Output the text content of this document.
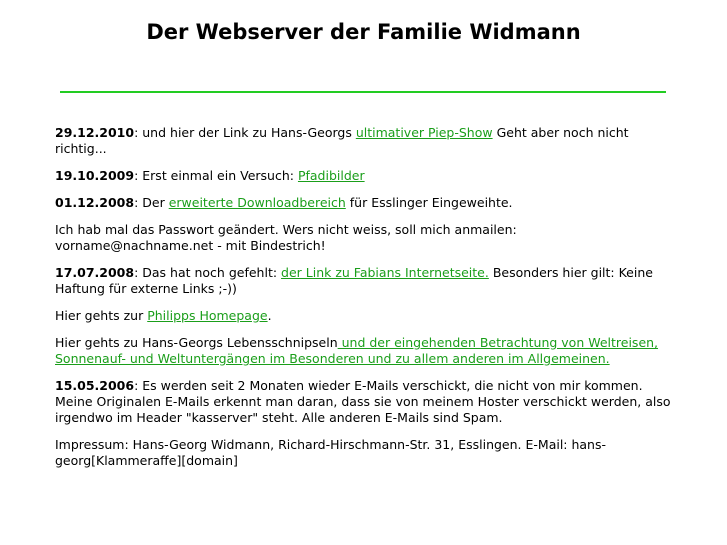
Der Webserver der Familie Widmann

29.12.2010: und hier der Link zu Hans-Georgs ultimativer Piep-Show Geht aber noch nicht richtig...

19.10.2009: Erst einmal ein Versuch: Pfadibilder

01.12.2008: Der erweiterte Downloadbereich für Esslinger Eingeweihte.

Ich hab mal das Passwort geändert. Wers nicht weiss, soll mich anmailen: vorname@nachname.net - mit Bindestrich!

17.07.2008: Das hat noch gefehlt: der Link zu Fabians Internetseite. Besonders hier gilt: Keine Haftung für externe Links ;-))

Hier gehts zur Philipps Homepage.

Hier gehts zu Hans-Georgs Lebensschnipseln und der eingehenden Betrachtung von Weltreisen, Sonnenauf- und Weltuntergängen im Besonderen und zu allem anderen im Allgemeinen.

15.05.2006: Es werden seit 2 Monaten wieder E-Mails verschickt, die nicht von mir kommen. Meine Originalen E-Mails erkennt man daran, dass sie von meinem Hoster verschickt werden, also irgendwo im Header "kasserver" steht. Alle anderen E-Mails sind Spam.

Impressum: Hans-Georg Widmann, Richard-Hirschmann-Str. 31, Esslingen. E-Mail: hans-georg[Klammeraffe][domain]
